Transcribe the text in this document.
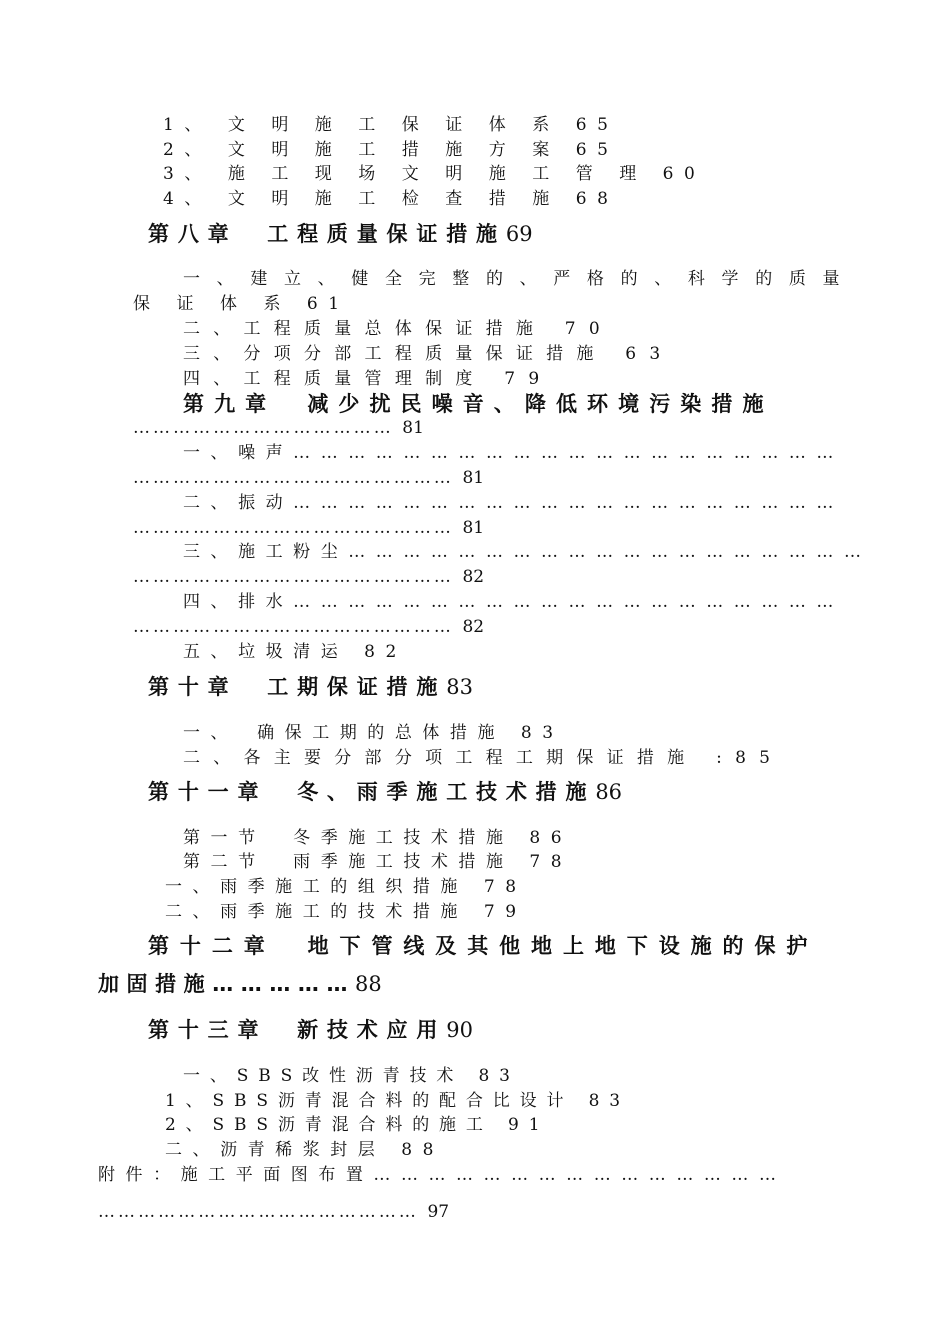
1、 文 明 施 工 保 证 体 系 65
2、 文 明 施 工 措 施 方 案 65
3、 施 工 现 场 文 明 施 工 管 理 60
4、 文 明 施 工 检 查 措 施 68
第八章　工程质量保证措施69
一、建立、健全完整的、严格的、科学的质量
保 证 体 系 61
二、工程质量总体保证措施 70
三、分项分部工程质量保证措施 63
四、工程质量管理制度 79
第九章　减少扰民噪音、降低环境污染措施
………………………………… 81
一、噪声……………………………………………………
………………………………………… 81
二、振动……………………………………………………
………………………………………… 81
三、施工粉尘…………………………………………………
………………………………………… 82
四、排水……………………………………………………
………………………………………… 82
五、垃圾清运 82
第十章　工期保证措施83
一、　确保工期的总体措施 83
二、各主要分部分项工程工期保证措施 :85
第十一章　冬、雨季施工技术措施86
第一节　冬季施工技术措施 86
第二节　雨季施工技术措施 78
一、雨季施工的组织措施 78
二、雨季施工的技术措施 79
第十二章　地下管线及其他地上地下设施的保护
加固措施……………88
第十三章　新技术应用90
一、SBS改性沥青技术 83
1、SBS沥青混合料的配合比设计 83
2、SBS沥青混合料的施工 91
二、沥青稀浆封层 88
附件：施工平面图布置………………………………………
………………………………………… 97
